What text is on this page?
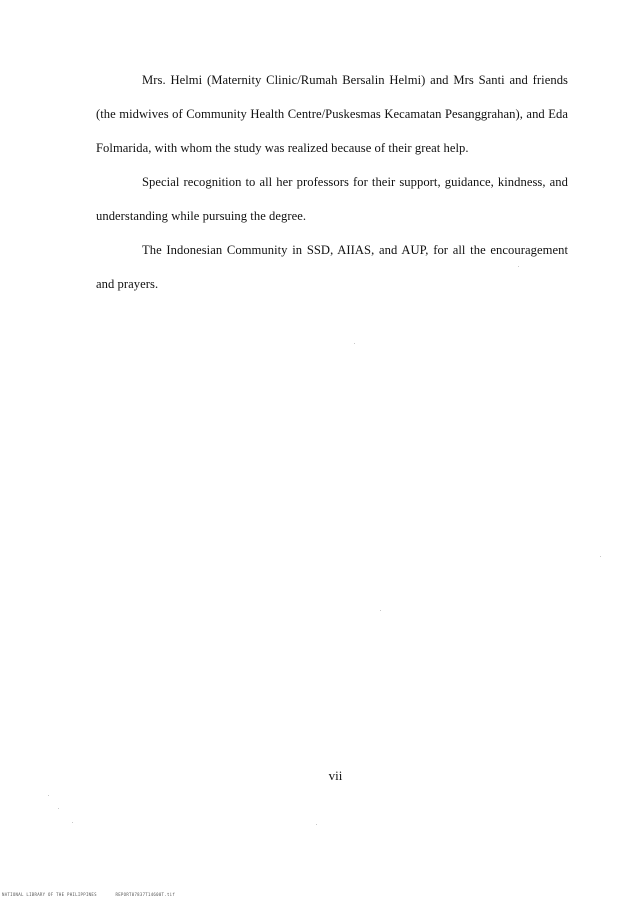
Mrs. Helmi (Maternity Clinic/Rumah Bersalin Helmi) and Mrs Santi and friends (the midwives of Community Health Centre/Puskesmas Kecamatan Pesanggrahan), and Eda Folmarida, with whom the study was realized because of their great help.

Special recognition to all her professors for their support, guidance, kindness, and understanding while pursuing the degree.

The Indonesian Community in SSD, AIIAS, and AUP, for all the encouragement and prayers.

vii
NATIONAL LIBRARY OF THE PHILIPPINES	REPORT07837T14600T.tif
